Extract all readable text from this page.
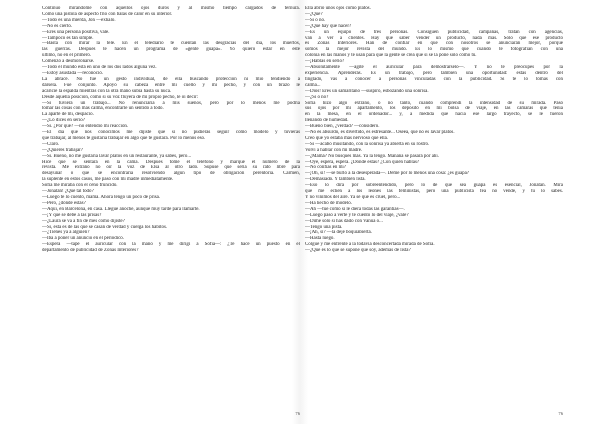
Continuó mirándome con aquellos ojos duros y al mismo tiempo cargados de ternura.
Como una pistola de aspecto frío con balas de calor en su interior.
—Todo es una mierda, Jon —exhaló.
—No es cierto.
—Eres una persona positiva, vale.
—Tampoco es tan simple.
—Basta con mirar la tele. En el telediario te cuentan las desgracias del día, los muertos,
las guerras. Después te hacen un programa de «gente guapa». Yo quiero estar en este
último, no en el primero.
Comenzó a desmoronarse.
—Todo el mundo está en uno de los dos lados alguna vez.
—Estoy asustada —reconoció.
La abracé. No fue un gesto individual, de ella buscando protección ni mío tendiendo a
dársela. Fue conjunto. Apoyó su cabeza entre mi cuello y mi pecho, y con un brazo le
acaricié la espalda mientras con la otra mano subía hasta su nuca.
Desde aquella posición, como si su voz fluyera de mi propio pecho, le oí decir:
—Si tuviera un trabajo... No renunciaría a mis sueños, pero por lo menos me podría
tomar las cosas con más calma, encontrarle un sentido a todo.
La aparté de mí, despacio.
—¿Lo dices en serio?
—Sí. ¿Por qué? —no entendió mi reacción.
—El día que nos conocimos me dijiste que si no pudieras seguir como modelo y tuvieras
que trabajar, al menos te gustaría trabajar en algo que te gustara. Por lo menos eso.
—Claro.
—¿Quieres trabajar?
—Sí. Bueno, no me gustaría lavar platos en un restaurante, ya sabes, pero...
Hice que se sentara en la cama. Después tomé el teléfono y marqué el número de la
revista. Me extrañó no oír la voz de Elsa al otro lado. Supuse que sería su rato libre para
desayunar o que se encontraría resolviendo algún tipo de obligación perentoria. Carmen,
la suplente en estos casos, me pasó con mi madre inmediatamente.
Sofía me miraba con el ceño fruncido.
—Jonatán! ¿Qué tal todo?
—Luego te lo cuento, mamá. Ahora tengo un poco de prisa.
—Pero, ¿dónde estás?
—Aquí, en Barcelona, en casa. Llegué anoche, aunque muy tarde para llamarte.
—¡Y qué se debe a las prisas?
—¿Laura se va a fin de mes como dijiste?
—Sí, ésta es de las que se casan de verdad y cuelga los hábitos.
—¿Tienes ya a alguien?
—Iba a poner un anuncio en el periódico.
—Espera —tapé el auricular con la mano y me dirigí a Sofía—: ¿Te hace un puesto en el
departamento de publicidad de Zonas Interiores?
76
Ella abrió unos ojos como platos.
—¿Qué?
—Sí o no.
—¿Qué hay que hacer?
—Es un equipo de tres personas. Consiguen publicidad, campañas, tratan con agencias,
van a ver a clientes. Hay que saber vender un producto, nada más. Sólo que ese producto
es Zonas Interiores. Han de confiar en que con nosotros se anunciarán mejor, porque
somos la mejor revista del mundo. Es lo mismo que cuando te fotografían con una
colonia en las manos y te usan para que la gente se crea que sí se la pone sólo como tú.
—¡Hablas en serio?
—Absolutamente —agité el auricular para demostrárselo—. Y no te preocupes por la
experiencia. Aprenderás. Es un trabajo, pero también una oportunidad: estás dentro del
tinglado, vas a conocer a personas vinculadas con la publicidad. Si te lo tomas con
calma...
—Dios! Eres un samaritano —suspiró, esbozando una sonrisa.
—¿Sí o no?
Sofía hizo algo extraño, o no tanto, cuando comprendí la intensidad de su mirada. Pasó
sus ojos por mi apartamento, los depositó en mi bolsa de viaje, en las cámaras que tenía
en la mesa, en el ordenador... y, a medida que hacía ese largo trayecto, se le fueron
llenando de humedad.
—Bueno bien, ¿verdad? —consideró.
—No es absurdo, es divertido, es estresante... Oseea, que no es lavar platos.
Creo que yo estaba más nervioso que ella.
—Sí —acabó musitando, con la sonrisa ya abierta en su rostro.
Volví a hablar con mi madre.
—¿Mamá? No busques más. Ya la tengo. Mañana se pasará por ahí.
—Oye, espera, espera. ¿Dónde estás? ¿Con quién hablas?
—No confías en mí?
—¡Oh, sí! —se burló a la desesperada—. Deme por lo menos una cosa: ¿es guapa?
—Demasiado. Y también lista.
—Eso lo dirá por sobreentendido, pero lo de que sea guapa es esencial, Jonatán. Mira
que me echen a los leones las feministas, pero una publicista fea no vende, y tú lo sabes.
Y no vinimos del aire. Ya sé que es cruel, pero...
—Ha hecho de modelo.
—Ah —fue como si le diera todas las garantías—.
—Luego paso a verte y te cuento lo del viaje, ¿vale?
—Dime sólo si has dado con Vanúa o...
—Tengo una pista.
—¡Ah, sí? —la dejé boquiabierta.
—Hasta luego.
Colgué y me enfrenté a la todavía desconcertada mirada de Sofía.
—¿Qué es lo que se supone que soy, además de lista?
76
